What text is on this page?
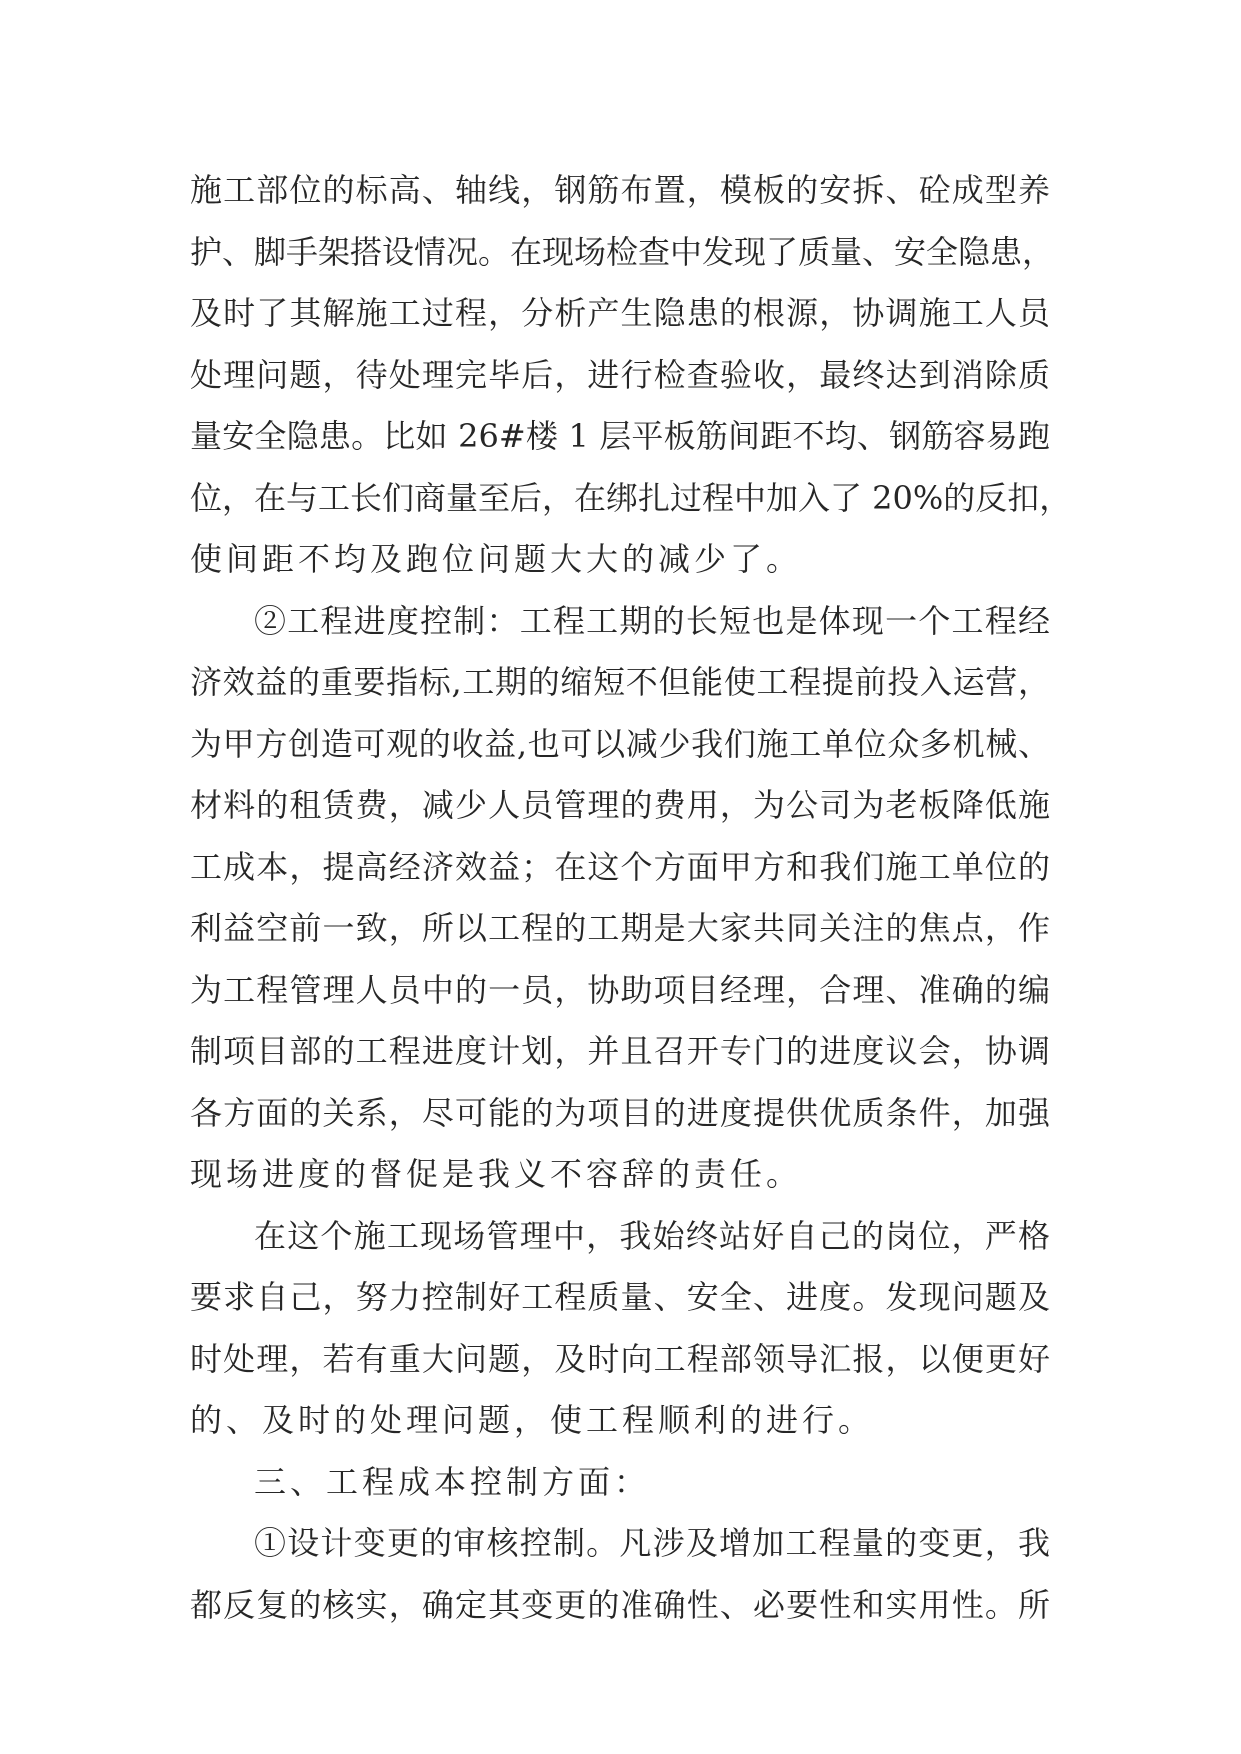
施工部位的标高、轴线，钢筋布置，模板的安拆、砼成型养
护、脚手架搭设情况。在现场检查中发现了质量、安全隐患，
及时了其解施工过程，分析产生隐患的根源，协调施工人员
处理问题，待处理完毕后，进行检查验收，最终达到消除质
量安全隐患。比如 26#楼 1 层平板筋间距不均、钢筋容易跑
位，在与工长们商量至后，在绑扎过程中加入了 20%的反扣，
使间距不均及跑位问题大大的减少了。
②工程进度控制：工程工期的长短也是体现一个工程经
济效益的重要指标,工期的缩短不但能使工程提前投入运营，
为甲方创造可观的收益,也可以减少我们施工单位众多机械、
材料的租赁费，减少人员管理的费用，为公司为老板降低施
工成本，提高经济效益；在这个方面甲方和我们施工单位的
利益空前一致，所以工程的工期是大家共同关注的焦点，作
为工程管理人员中的一员，协助项目经理，合理、准确的编
制项目部的工程进度计划，并且召开专门的进度议会，协调
各方面的关系，尽可能的为项目的进度提供优质条件，加强
现场进度的督促是我义不容辞的责任。
在这个施工现场管理中，我始终站好自己的岗位，严格
要求自己，努力控制好工程质量、安全、进度。发现问题及
时处理，若有重大问题，及时向工程部领导汇报，以便更好
的、及时的处理问题，使工程顺利的进行。
三、工程成本控制方面：
①设计变更的审核控制。凡涉及增加工程量的变更，我
都反复的核实，确定其变更的准确性、必要性和实用性。所
